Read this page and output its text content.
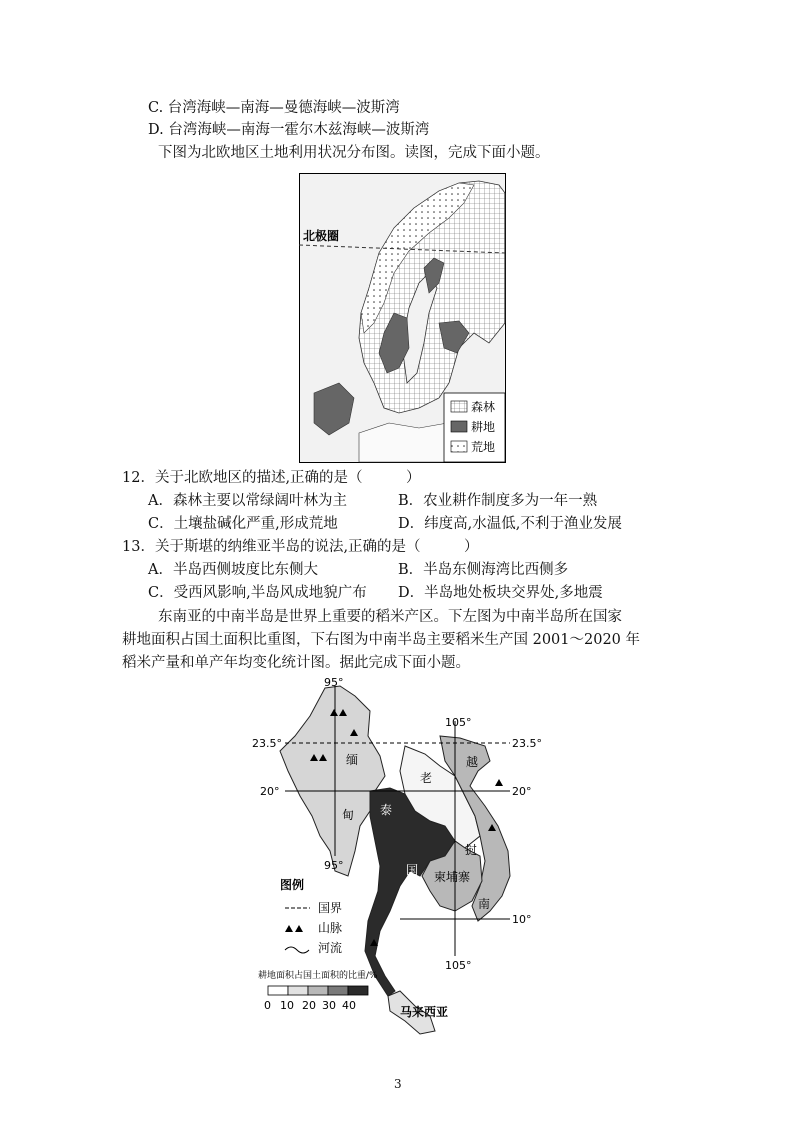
C. 台湾海峡—南海—曼德海峡—波斯湾
D. 台湾海峡—南海一霍尔木兹海峡—波斯湾
下图为北欧地区土地利用状况分布图。读图，完成下面小题。
北极圈
森林
耕地
荒地
12．关于北欧地区的描述,正确的是（　　　）
A．森林主要以常绿阔叶林为主	B．农业耕作制度多为一年一熟
C．土壤盐碱化严重,形成荒地	D．纬度高,水温低,不利于渔业发展
13．关于斯堪的纳维亚半岛的说法,正确的是（　　　）
A．半岛西侧坡度比东侧大	B．半岛东侧海湾比西侧多
C．受西风影响,半岛风成地貌广布 D．半岛地处板块交界处,多地震
东南亚的中南半岛是世界上重要的稻米产区。下左图为中南半岛所在国家
耕地面积占国土面积比重图，下右图为中南半岛主要稻米生产国 2001～2020 年
稻米产量和单产年均变化统计图。据此完成下面小题。
95°
95°
105°
105°
23.5°	23.5°
20°	20°
10°
缅
甸 泰
国
老
挝
越
南
柬埔寨
马来西亚
图例
国界
山脉
河流
耕地面积占国土面积的比重/%
0 10 20 30 40
3
